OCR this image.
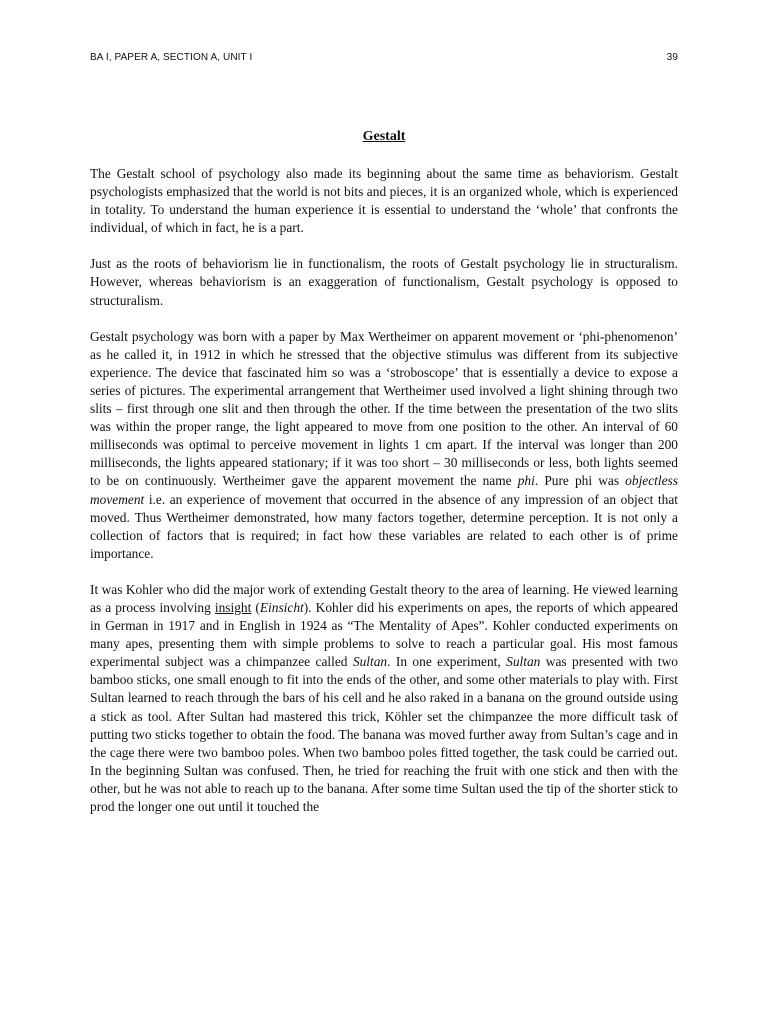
BA I, PAPER A, SECTION A, UNIT I	39
Gestalt

The Gestalt school of psychology also made its beginning about the same time as behaviorism. Gestalt psychologists emphasized that the world is not bits and pieces, it is an organized whole, which is experienced in totality. To understand the human experience it is essential to understand the ‘whole’ that confronts the individual, of which in fact, he is a part.

Just as the roots of behaviorism lie in functionalism, the roots of Gestalt psychology lie in structuralism. However, whereas behaviorism is an exaggeration of functionalism, Gestalt psychology is opposed to structuralism.

Gestalt psychology was born with a paper by Max Wertheimer on apparent movement or ‘phi-phenomenon’ as he called it, in 1912 in which he stressed that the objective stimulus was different from its subjective experience. The device that fascinated him so was a ‘stroboscope’ that is essentially a device to expose a series of pictures. The experimental arrangement that Wertheimer used involved a light shining through two slits – first through one slit and then through the other. If the time between the presentation of the two slits was within the proper range, the light appeared to move from one position to the other. An interval of 60 milliseconds was optimal to perceive movement in lights 1 cm apart. If the interval was longer than 200 milliseconds, the lights appeared stationary; if it was too short – 30 milliseconds or less, both lights seemed to be on continuously. Wertheimer gave the apparent movement the name phi. Pure phi was objectless movement i.e. an experience of movement that occurred in the absence of any impression of an object that moved. Thus Wertheimer demonstrated, how many factors together, determine perception. It is not only a collection of factors that is required; in fact how these variables are related to each other is of prime importance.

It was Kohler who did the major work of extending Gestalt theory to the area of learning. He viewed learning as a process involving insight (Einsicht). Kohler did his experiments on apes, the reports of which appeared in German in 1917 and in English in 1924 as “The Mentality of Apes”. Kohler conducted experiments on many apes, presenting them with simple problems to solve to reach a particular goal. His most famous experimental subject was a chimpanzee called Sultan. In one experiment, Sultan was presented with two bamboo sticks, one small enough to fit into the ends of the other, and some other materials to play with. First Sultan learned to reach through the bars of his cell and he also raked in a banana on the ground outside using a stick as tool. After Sultan had mastered this trick, Köhler set the chimpanzee the more difficult task of putting two sticks together to obtain the food. The banana was moved further away from Sultan’s cage and in the cage there were two bamboo poles. When two bamboo poles fitted together, the task could be carried out. In the beginning Sultan was confused. Then, he tried for reaching the fruit with one stick and then with the other, but he was not able to reach up to the banana. After some time Sultan used the tip of the shorter stick to prod the longer one out until it touched the
